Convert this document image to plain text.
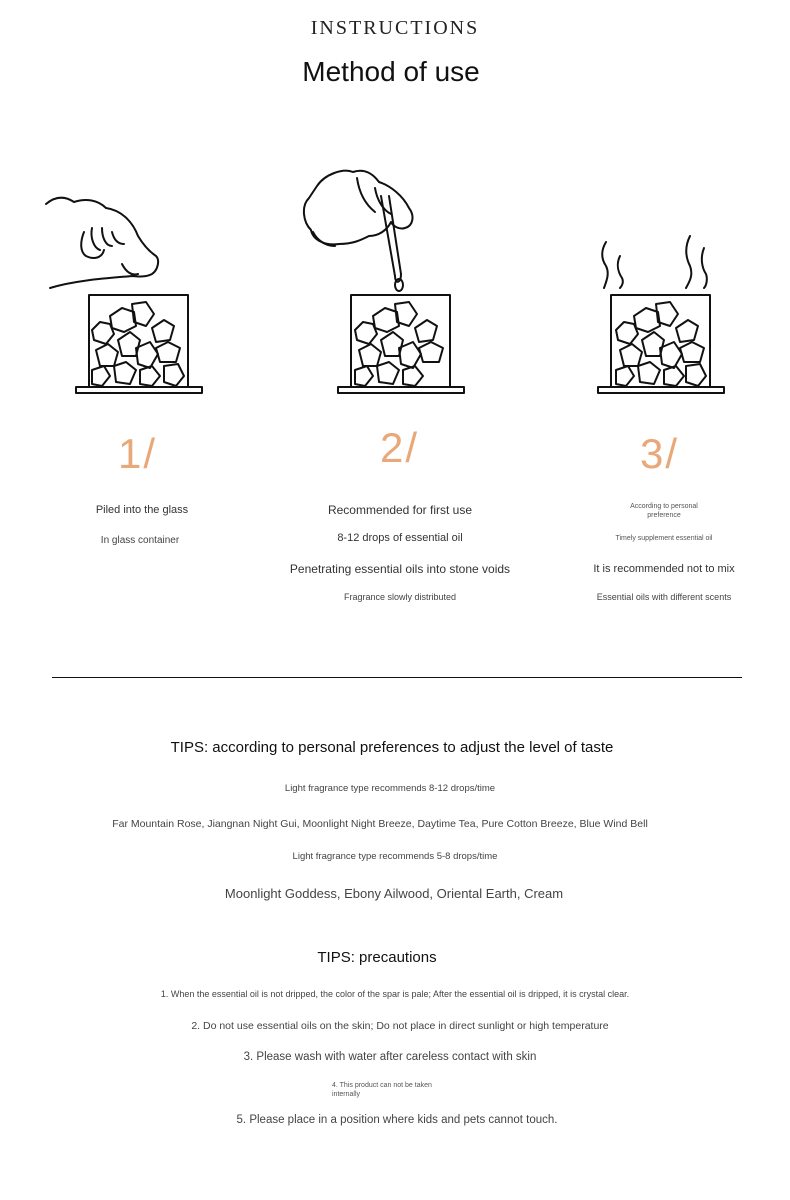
INSTRUCTIONS
Method of use
1/	2/	3/
Piled into the glass
In glass container
Recommended for first use
8-12 drops of essential oil
Penetrating essential oils into stone voids
Fragrance slowly distributed
According to personal preference
Timely supplement essential oil
It is recommended not to mix
Essential oils with different scents
TIPS: according to personal preferences to adjust the level of taste
Light fragrance type recommends 8-12 drops/time
Far Mountain Rose, Jiangnan Night Gui, Moonlight Night Breeze, Daytime Tea, Pure Cotton Breeze, Blue Wind Bell
Light fragrance type recommends 5-8 drops/time
Moonlight Goddess, Ebony Ailwood, Oriental Earth, Cream
TIPS: precautions
1. When the essential oil is not dripped, the color of the spar is pale; After the essential oil is dripped, it is crystal clear.
2. Do not use essential oils on the skin; Do not place in direct sunlight or high temperature
3. Please wash with water after careless contact with skin
4. This product can not be taken internally
5. Please place in a position where kids and pets cannot touch.
